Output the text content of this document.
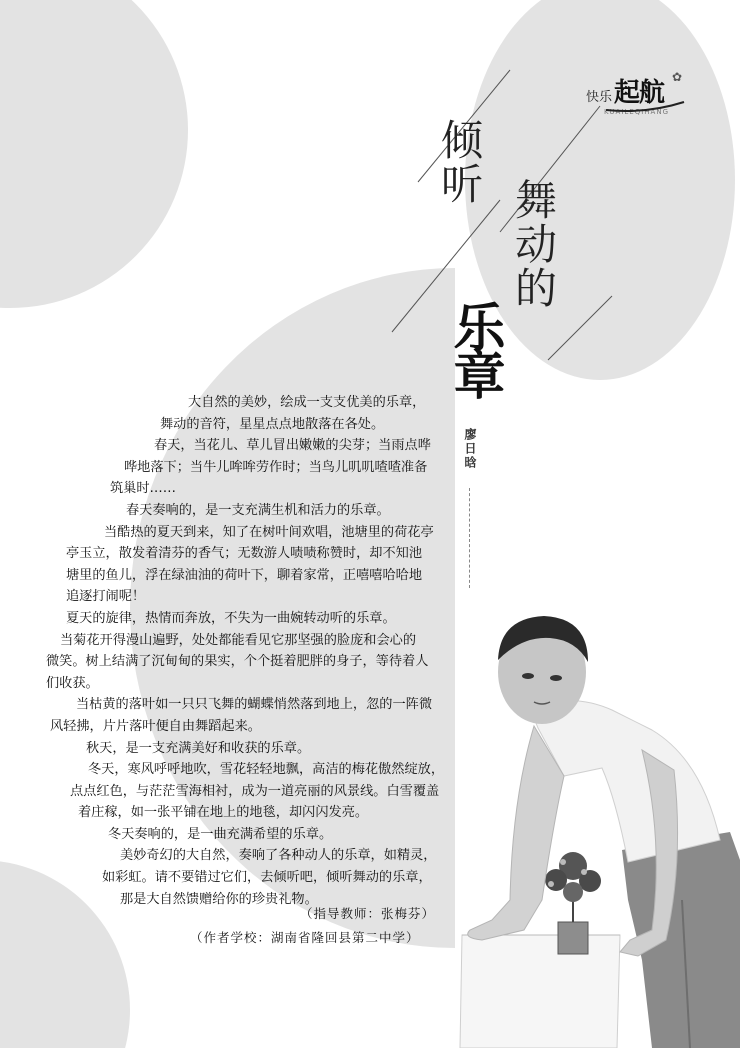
快乐 起航
✿
KUAILEQIHANG
倾听
舞动的
乐章

廖日晗

大自然的美妙，绘成一支支优美的乐章，

舞动的音符，星星点点地散落在各处。

春天，当花儿、草儿冒出嫩嫩的尖芽；当雨点哗

哗地落下；当牛儿哞哞劳作时；当鸟儿叽叽喳喳准备

筑巢时……

春天奏响的，是一支充满生机和活力的乐章。

当酷热的夏天到来，知了在树叶间欢唱，池塘里的荷花亭

亭玉立，散发着清芬的香气；无数游人啧啧称赞时，却不知池

塘里的鱼儿，浮在绿油油的荷叶下，聊着家常，正嘻嘻哈哈地

追逐打闹呢！

夏天的旋律，热情而奔放，不失为一曲婉转动听的乐章。

当菊花开得漫山遍野，处处都能看见它那坚强的脸庞和会心的

微笑。树上结满了沉甸甸的果实，个个挺着肥胖的身子，等待着人

们收获。

当枯黄的落叶如一只只飞舞的蝴蝶悄然落到地上，忽的一阵微

风轻拂，片片落叶便自由舞蹈起来。

秋天，是一支充满美好和收获的乐章。

冬天，寒风呼呼地吹，雪花轻轻地飘，高洁的梅花傲然绽放，

点点红色，与茫茫雪海相衬，成为一道亮丽的风景线。白雪覆盖

着庄稼，如一张平铺在地上的地毯，却闪闪发亮。

冬天奏响的，是一曲充满希望的乐章。

美妙奇幻的大自然，奏响了各种动人的乐章，如精灵，

如彩虹。请不要错过它们，去倾听吧，倾听舞动的乐章，

那是大自然馈赠给你的珍贵礼物。

（指导教师：张梅芬）

（作者学校：湖南省隆回县第二中学）
